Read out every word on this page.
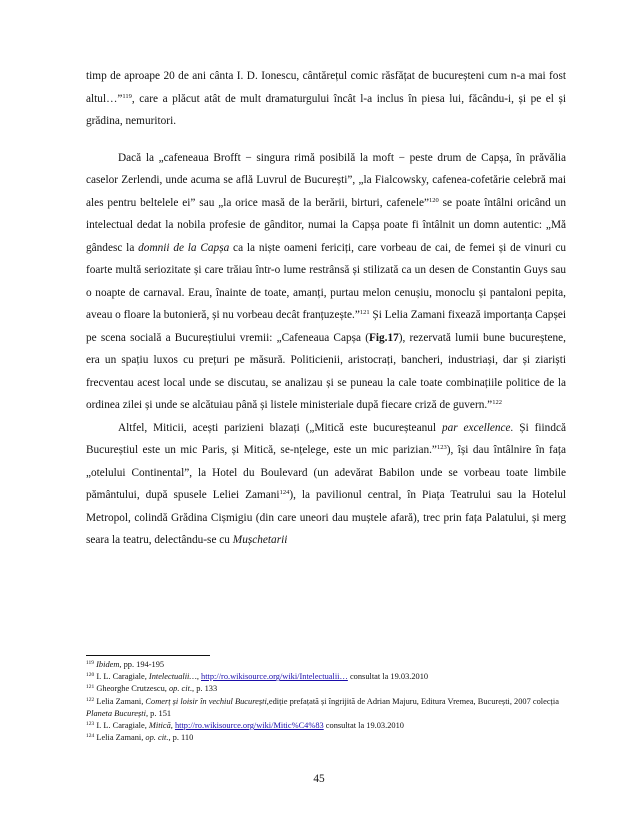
timp de aproape 20 de ani cânta I. D. Ionescu, cântărețul comic răsfățat de bucureșteni cum n-a mai fost altul…”$^{119}$, care a plăcut atât de mult dramaturgului încât l-a inclus în piesa lui, făcându-i, și pe el și grădina, nemuritori.

Dacă la „cafeneaua Brofft − singura rimă posibilă la moft − peste drum de Capșa, în prăvălia caselor Zerlendi, unde acuma se află Luvrul de București”, „la Fialcowsky, cafenea-cofetărie celebră mai ales pentru beltelele ei” sau „la orice masă de la berării, birturi, cafenele”$^{120}$ se poate întâlni oricând un intelectual dedat la nobila profesie de gânditor, numai la Capșa poate fi întâlnit un domn autentic: „Mă gândesc la domnii de la Capșa ca la niște oameni fericiți, care vorbeau de cai, de femei și de vinuri cu foarte multă seriozitate și care trăiau într-o lume restrânsă și stilizată ca un desen de Constantin Guys sau o noapte de carnaval. Erau, înainte de toate, amanți, purtau melon cenușiu, monoclu și pantaloni pepita, aveau o floare la butonieră, și nu vorbeau decât franțuzește.”$^{121}$ Și Lelia Zamani fixează importanța Capșei pe scena socială a Bucureștiului vremii: „Cafeneaua Capșa (Fig.17), rezervată lumii bune bucureștene, era un spațiu luxos cu prețuri pe măsură. Politicienii, aristocrați, bancheri, industriași, dar și ziariști frecventau acest local unde se discutau, se analizau și se puneau la cale toate combinațiile politice de la ordinea zilei și unde se alcătuiau până și listele ministeriale după fiecare criză de guvern.”$^{122}$

Altfel, Miticii, acești parizieni blazați („Mitică este bucureșteanul par excellence. Și fiindcă Bucureștiul este un mic Paris, și Mitică, se-nțelege, este un mic parizian.”$^{123}$), își dau întâlnire în fața „otelului Continental”, la Hotel du Boulevard (un adevărat Babilon unde se vorbeau toate limbile pământului, după spusele Leliei Zamani$^{124}$), la pavilionul central, în Piața Teatrului sau la Hotelul Metropol, colindă Grădina Cișmigiu (din care uneori dau muștele afară), trec prin fața Palatului, și merg seara la teatru, delectându-se cu Mușchetarii

$^{119}$ Ibidem, pp. 194-195

$^{120}$ I. L. Caragiale, Intelectualii…, http://ro.wikisource.org/wiki/Intelectualii… consultat la 19.03.2010

$^{121}$ Gheorghe Crutzescu, op. cit., p. 133

$^{122}$ Lelia Zamani, Comerț și loisir în vechiul București,ediție prefațată și îngrijită de Adrian Majuru, Editura Vremea, București, 2007 colecția Planeta București, p. 151

$^{123}$ I. L. Caragiale, Mitică, http://ro.wikisource.org/wiki/Mitic%C4%83 consultat la 19.03.2010

$^{124}$ Lelia Zamani, op. cit., p. 110

45
